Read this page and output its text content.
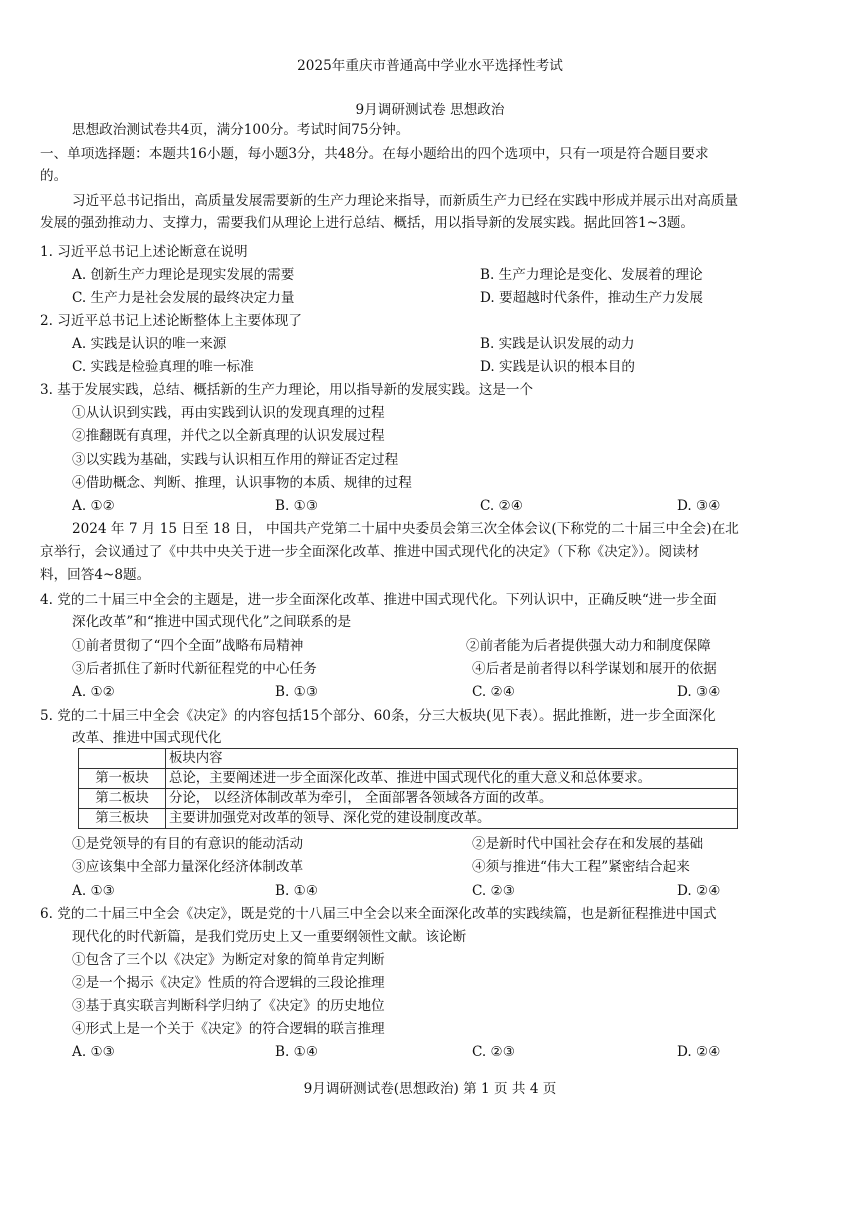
2025年重庆市普通高中学业水平选择性考试
9月调研测试卷 思想政治
思想政治测试卷共4页，满分100分。考试时间75分钟。
一、单项选择题：本题共16小题，每小题3分，共48分。在每小题给出的四个选项中，只有一项是符合题目要求
的。
习近平总书记指出，高质量发展需要新的生产力理论来指导，而新质生产力已经在实践中形成并展示出对高质量
发展的强劲推动力、支撑力，需要我们从理论上进行总结、概括，用以指导新的发展实践。据此回答1~3题。
1. 习近平总书记上述论断意在说明
A. 创新生产力理论是现实发展的需要	B. 生产力理论是变化、发展着的理论
C. 生产力是社会发展的最终决定力量	D. 要超越时代条件，推动生产力发展
2. 习近平总书记上述论断整体上主要体现了
A. 实践是认识的唯一来源	B. 实践是认识发展的动力
C. 实践是检验真理的唯一标准	D. 实践是认识的根本目的
3. 基于发展实践，总结、概括新的生产力理论，用以指导新的发展实践。这是一个
①从认识到实践，再由实践到认识的发现真理的过程
②推翻既有真理，并代之以全新真理的认识发展过程
③以实践为基础，实践与认识相互作用的辩证否定过程
④借助概念、判断、推理，认识事物的本质、规律的过程
A. ①②	B. ①③	C. ②④	D. ③④
2024 年 7 月 15 日至 18 日， 中国共产党第二十届中央委员会第三次全体会议(下称党的二十届三中全会)在北
京举行，会议通过了《中共中央关于进一步全面深化改革、推进中国式现代化的决定》（下称《决定》）。阅读材
料，回答4~8题。
4. 党的二十届三中全会的主题是，进一步全面深化改革、推进中国式现代化。下列认识中，正确反映“进一步全面
深化改革”和“推进中国式现代化”之间联系的是
①前者贯彻了“四个全面”战略布局精神	②前者能为后者提供强大动力和制度保障
③后者抓住了新时代新征程党的中心任务	④后者是前者得以科学谋划和展开的依据
A. ①②	B. ①③	C. ②④	D. ③④
5. 党的二十届三中全会《决定》的内容包括15个部分、60条，分三大板块(见下表）。据此推断，进一步全面深化
改革、推进中国式现代化
	板块内容
第一板块	总论，主要阐述进一步全面深化改革、推进中国式现代化的重大意义和总体要求。
第二板块	分论， 以经济体制改革为牵引， 全面部署各领域各方面的改革。
第三板块	主要讲加强党对改革的领导、深化党的建设制度改革。
①是党领导的有目的有意识的能动活动	②是新时代中国社会存在和发展的基础
③应该集中全部力量深化经济体制改革	④须与推进“伟大工程”紧密结合起来
A. ①③	B. ①④	C. ②③	D. ②④
6. 党的二十届三中全会《决定》，既是党的十八届三中全会以来全面深化改革的实践续篇，也是新征程推进中国式
现代化的时代新篇，是我们党历史上又一重要纲领性文献。该论断
①包含了三个以《决定》为断定对象的简单肯定判断
②是一个揭示《决定》性质的符合逻辑的三段论推理
③基于真实联言判断科学归纳了《决定》的历史地位
④形式上是一个关于《决定》的符合逻辑的联言推理
A. ①③	B. ①④	C. ②③	D. ②④
9月调研测试卷(思想政治) 第 1 页 共 4 页
